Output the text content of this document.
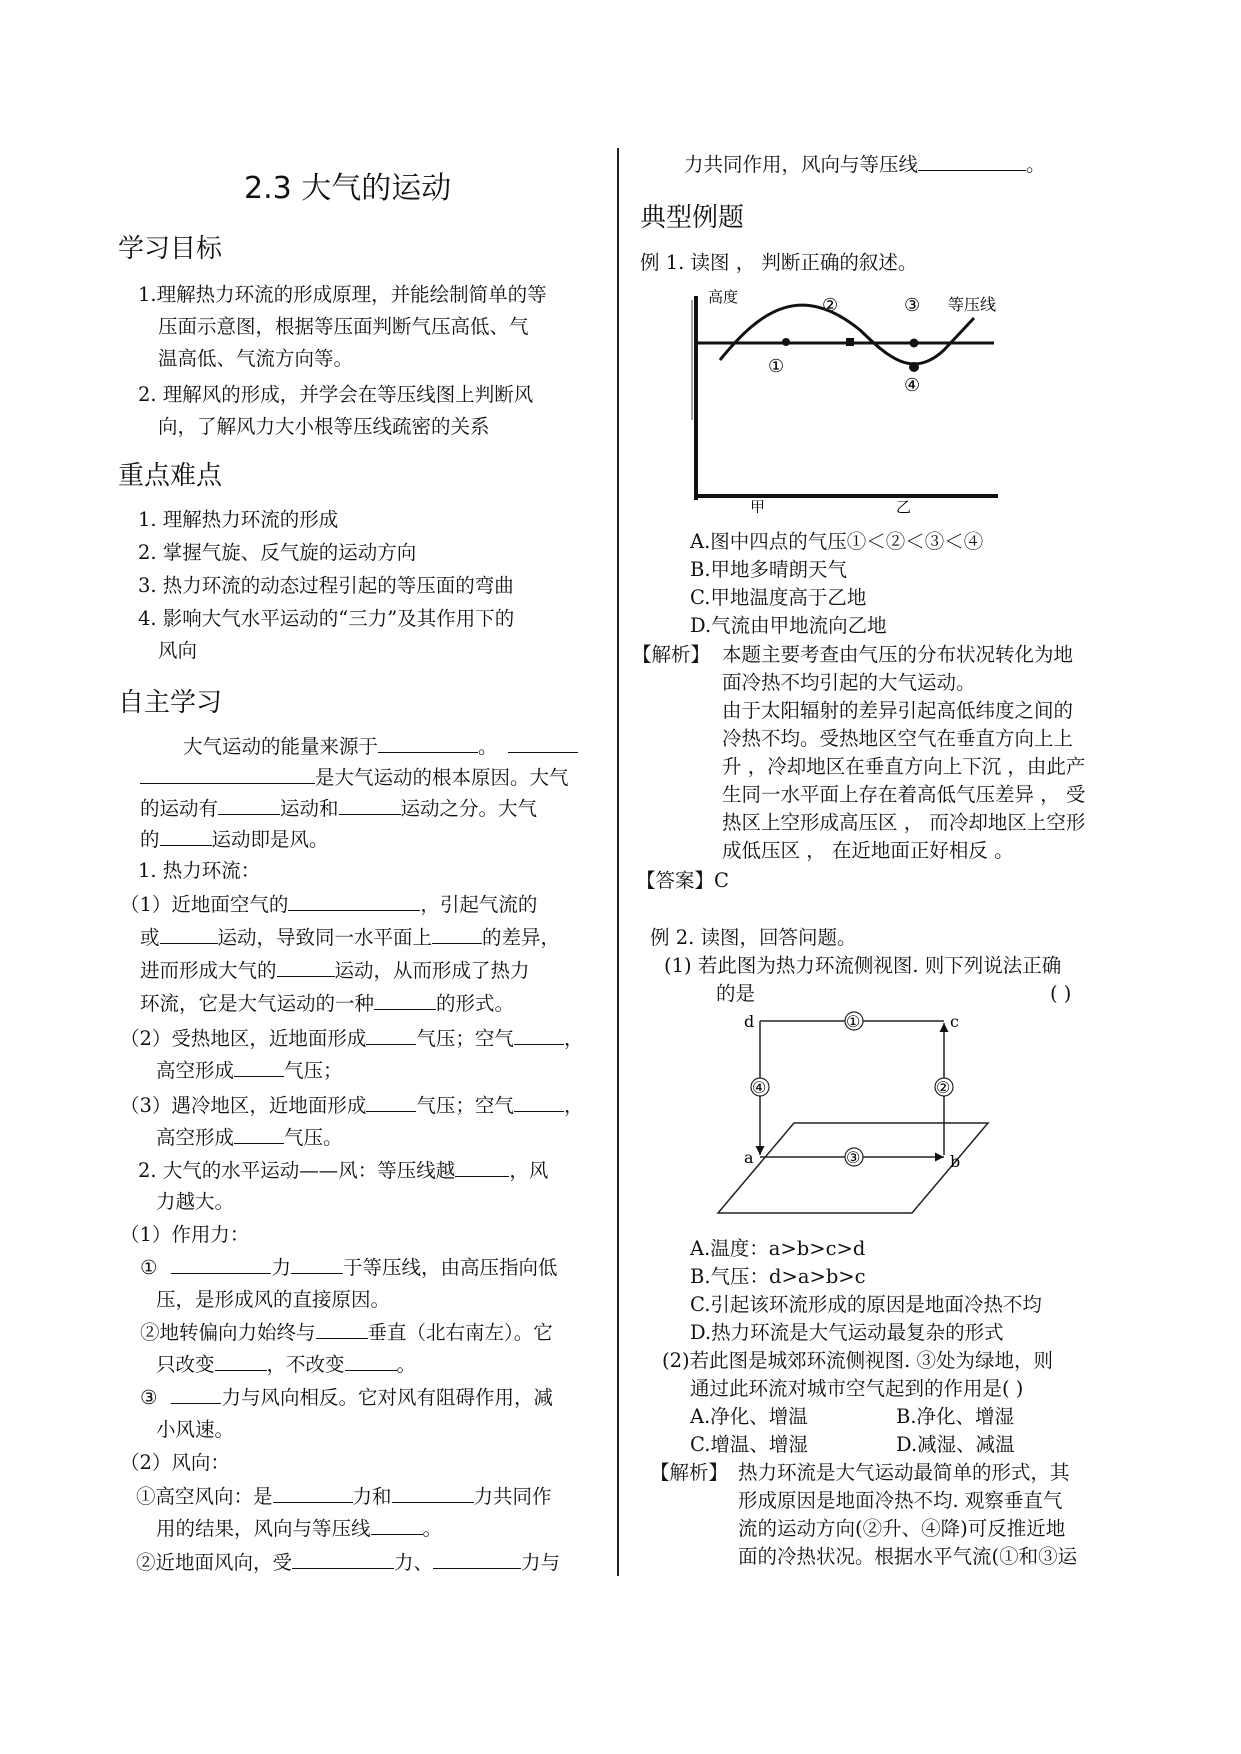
2.3 大气的运动
学习目标
1.理解热力环流的形成原理，并能绘制简单的等
压面示意图，根据等压面判断气压高低、气
温高低、气流方向等。
2. 理解风的形成，并学会在等压线图上判断风
向，了解风力大小根等压线疏密的关系
重点难点
1. 理解热力环流的形成
2. 掌握气旋、反气旋的运动方向
3. 热力环流的动态过程引起的等压面的弯曲
4. 影响大气水平运动的“三力”及其作用下的
风向
自主学习
大气运动的能量来源于	。
是大气运动的根本原因。大气
的运动有	运动和	运动之分。大气
的	运动即是风。
1. 热力环流：
（1）近地面空气的	，引起气流的
或	运动，导致同一水平面上	的差异，
进而形成大气的	运动，从而形成了热力
环流，它是大气运动的一种	的形式。
（2）受热地区，近地面形成	气压；空气	，
高空形成	气压；
（3）遇冷地区，近地面形成	气压；空气	，
高空形成	气压。
2. 大气的水平运动——风：等压线越	，风
力越大。
（1）作用力：
①	力	于等压线，由高压指向低
压，是形成风的直接原因。
②地转偏向力始终与	垂直（北右南左）。它
只改变	，不改变	。
③	力与风向相反。它对风有阻碍作用，减
小风速。
（2）风向：
①高空风向：是	力和	力共同作
用的结果，风向与等压线	。
②近地面风向，受	力、	力与
力共同作用，风向与等压线	。
典型例题
例 1. 读图 ， 判断正确的叙述。
高度	等压线
①
②	③
④
甲	乙
A.图中四点的气压①＜②＜③＜④
B.甲地多晴朗天气
C.甲地温度高于乙地
D.气流由甲地流向乙地
【解析】 本题主要考查由气压的分布状况转化为地
面冷热不均引起的大气运动。
由于太阳辐射的差异引起高低纬度之间的
冷热不均。受热地区空气在垂直方向上上
升 ，冷却地区在垂直方向上下沉 ，由此产
生同一水平面上存在着高低气压差异 ， 受
热区上空形成高压区 ， 而冷却地区上空形
成低压区 ， 在近地面正好相反 。
【答案】C
例 2. 读图，回答问题。
(1) 若此图为热力环流侧视图. 则下列说法正确
的是	( )
①
②
③
④
d	c
a	b
A.温度：a>b>c>d
B.气压：d>a>b>c
C.引起该环流形成的原因是地面冷热不均
D.热力环流是大气运动最复杂的形式
(2)若此图是城郊环流侧视图. ③处为绿地，则
通过此环流对城市空气起到的作用是( )
A.净化、增温	B.净化、增湿
C.增温、增湿	D.减湿、减温
【解析】 热力环流是大气运动最简单的形式，其
形成原因是地面冷热不均. 观察垂直气
流的运动方向(②升、④降)可反推近地
面的冷热状况。根据水平气流(①和③运
